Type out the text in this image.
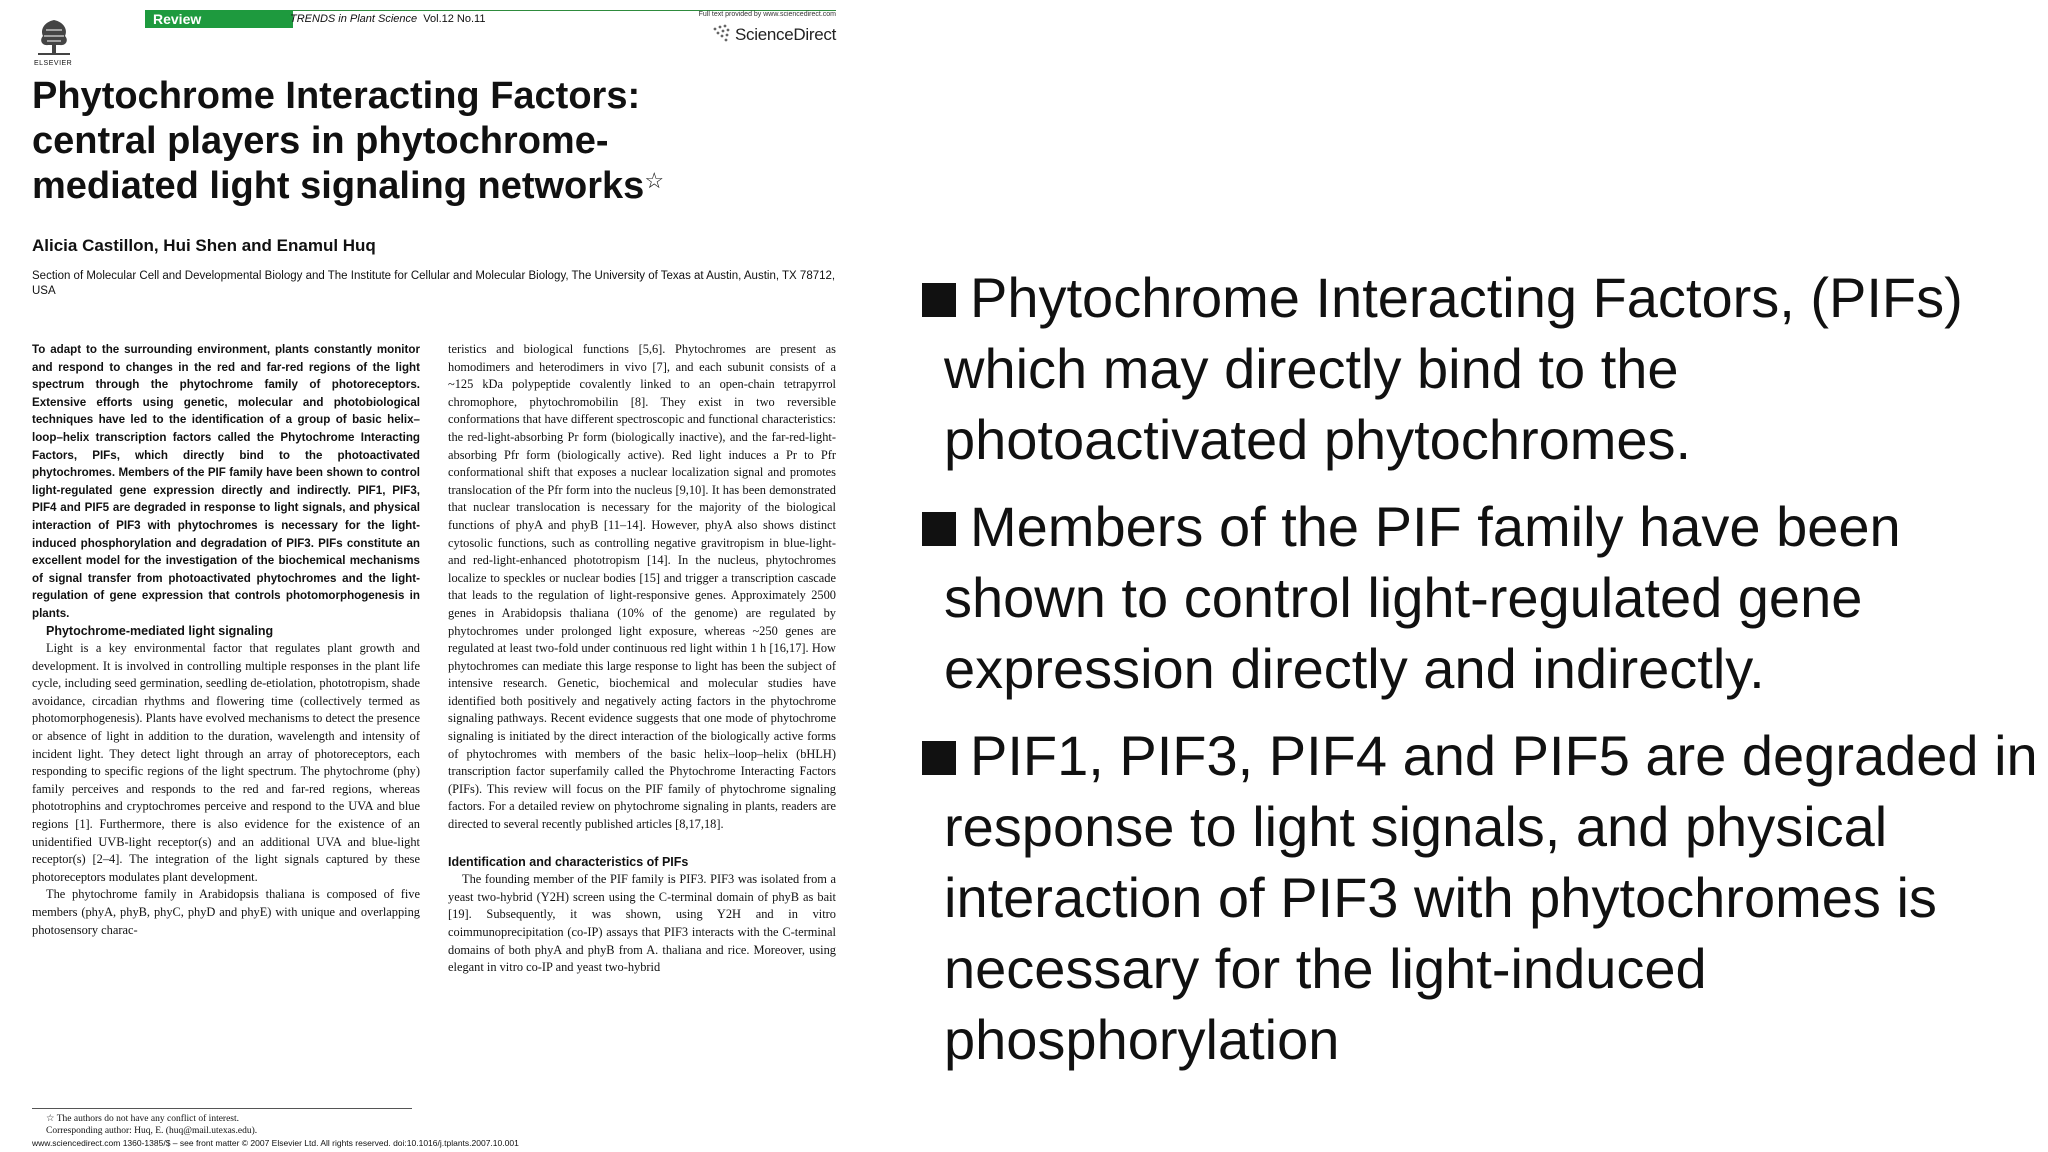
ELSEVIER
Review	TRENDS in Plant Science Vol.12 No.11	Full text provided by www.sciencedirect.com
ScienceDirect
Phytochrome Interacting Factors:
central players in phytochrome-
mediated light signaling networks☆
Alicia Castillon, Hui Shen and Enamul Huq
Section of Molecular Cell and Developmental Biology and The Institute for Cellular and Molecular Biology, The University of Texas at Austin, Austin, TX 78712, USA

To adapt to the surrounding environment, plants constantly monitor and respond to changes in the red and far-red regions of the light spectrum through the phytochrome family of photoreceptors. Extensive efforts using genetic, molecular and photobiological techniques have led to the identification of a group of basic helix–loop–helix transcription factors called the Phytochrome Interacting Factors, PIFs, which directly bind to the photoactivated phytochromes. Members of the PIF family have been shown to control light-regulated gene expression directly and indirectly. PIF1, PIF3, PIF4 and PIF5 are degraded in response to light signals, and physical interaction of PIF3 with phytochromes is necessary for the light-induced phosphorylation and degradation of PIF3. PIFs constitute an excellent model for the investigation of the biochemical mechanisms of signal transfer from photoactivated phytochromes and the light-regulation of gene expression that controls photomorphogenesis in plants.

Phytochrome-mediated light signaling

Light is a key environmental factor that regulates plant growth and development. It is involved in controlling multiple responses in the plant life cycle, including seed germination, seedling de-etiolation, phototropism, shade avoidance, circadian rhythms and flowering time (collectively termed as photomorphogenesis). Plants have evolved mechanisms to detect the presence or absence of light in addition to the duration, wavelength and intensity of incident light. They detect light through an array of photoreceptors, each responding to specific regions of the light spectrum. The phytochrome (phy) family perceives and responds to the red and far-red regions, whereas phototrophins and cryptochromes perceive and respond to the UVA and blue regions [1]. Furthermore, there is also evidence for the existence of an unidentified UVB-light receptor(s) and an additional UVA and blue-light receptor(s) [2–4]. The integration of the light signals captured by these photoreceptors modulates plant development.

The phytochrome family in Arabidopsis thaliana is composed of five members (phyA, phyB, phyC, phyD and phyE) with unique and overlapping photosensory charac-

teristics and biological functions [5,6]. Phytochromes are present as homodimers and heterodimers in vivo [7], and each subunit consists of a ~125 kDa polypeptide covalently linked to an open-chain tetrapyrrol chromophore, phytochromobilin [8]. They exist in two reversible conformations that have different spectroscopic and functional characteristics: the red-light-absorbing Pr form (biologically inactive), and the far-red-light-absorbing Pfr form (biologically active). Red light induces a Pr to Pfr conformational shift that exposes a nuclear localization signal and promotes translocation of the Pfr form into the nucleus [9,10]. It has been demonstrated that nuclear translocation is necessary for the majority of the biological functions of phyA and phyB [11–14]. However, phyA also shows distinct cytosolic functions, such as controlling negative gravitropism in blue-light- and red-light-enhanced phototropism [14]. In the nucleus, phytochromes localize to speckles or nuclear bodies [15] and trigger a transcription cascade that leads to the regulation of light-responsive genes. Approximately 2500 genes in Arabidopsis thaliana (10% of the genome) are regulated by phytochromes under prolonged light exposure, whereas ~250 genes are regulated at least two-fold under continuous red light within 1 h [16,17]. How phytochromes can mediate this large response to light has been the subject of intensive research. Genetic, biochemical and molecular studies have identified both positively and negatively acting factors in the phytochrome signaling pathways. Recent evidence suggests that one mode of phytochrome signaling is initiated by the direct interaction of the biologically active forms of phytochromes with members of the basic helix–loop–helix (bHLH) transcription factor superfamily called the Phytochrome Interacting Factors (PIFs). This review will focus on the PIF family of phytochrome signaling factors. For a detailed review on phytochrome signaling in plants, readers are directed to several recently published articles [8,17,18].

Identification and characteristics of PIFs

The founding member of the PIF family is PIF3. PIF3 was isolated from a yeast two-hybrid (Y2H) screen using the C-terminal domain of phyB as bait [19]. Subsequently, it was shown, using Y2H and in vitro coimmunoprecipitation (co-IP) assays that PIF3 interacts with the C-terminal domains of both phyA and phyB from A. thaliana and rice. Moreover, using elegant in vitro co-IP and yeast two-hybrid

☆ The authors do not have any conflict of interest.
Corresponding author: Huq, E. (huq@mail.utexas.edu).
www.sciencedirect.com 1360-1385/$ – see front matter © 2007 Elsevier Ltd. All rights reserved. doi:10.1016/j.tplants.2007.10.001
Phytochrome Interacting Factors, (PIFs) which may directly bind to the photoactivated phytochromes.
Members of the PIF family have been shown to control light-regulated gene expression directly and indirectly.
PIF1, PIF3, PIF4 and PIF5 are degraded in response to light signals, and physical interaction of PIF3 with phytochromes is necessary for the light-induced phosphorylation
